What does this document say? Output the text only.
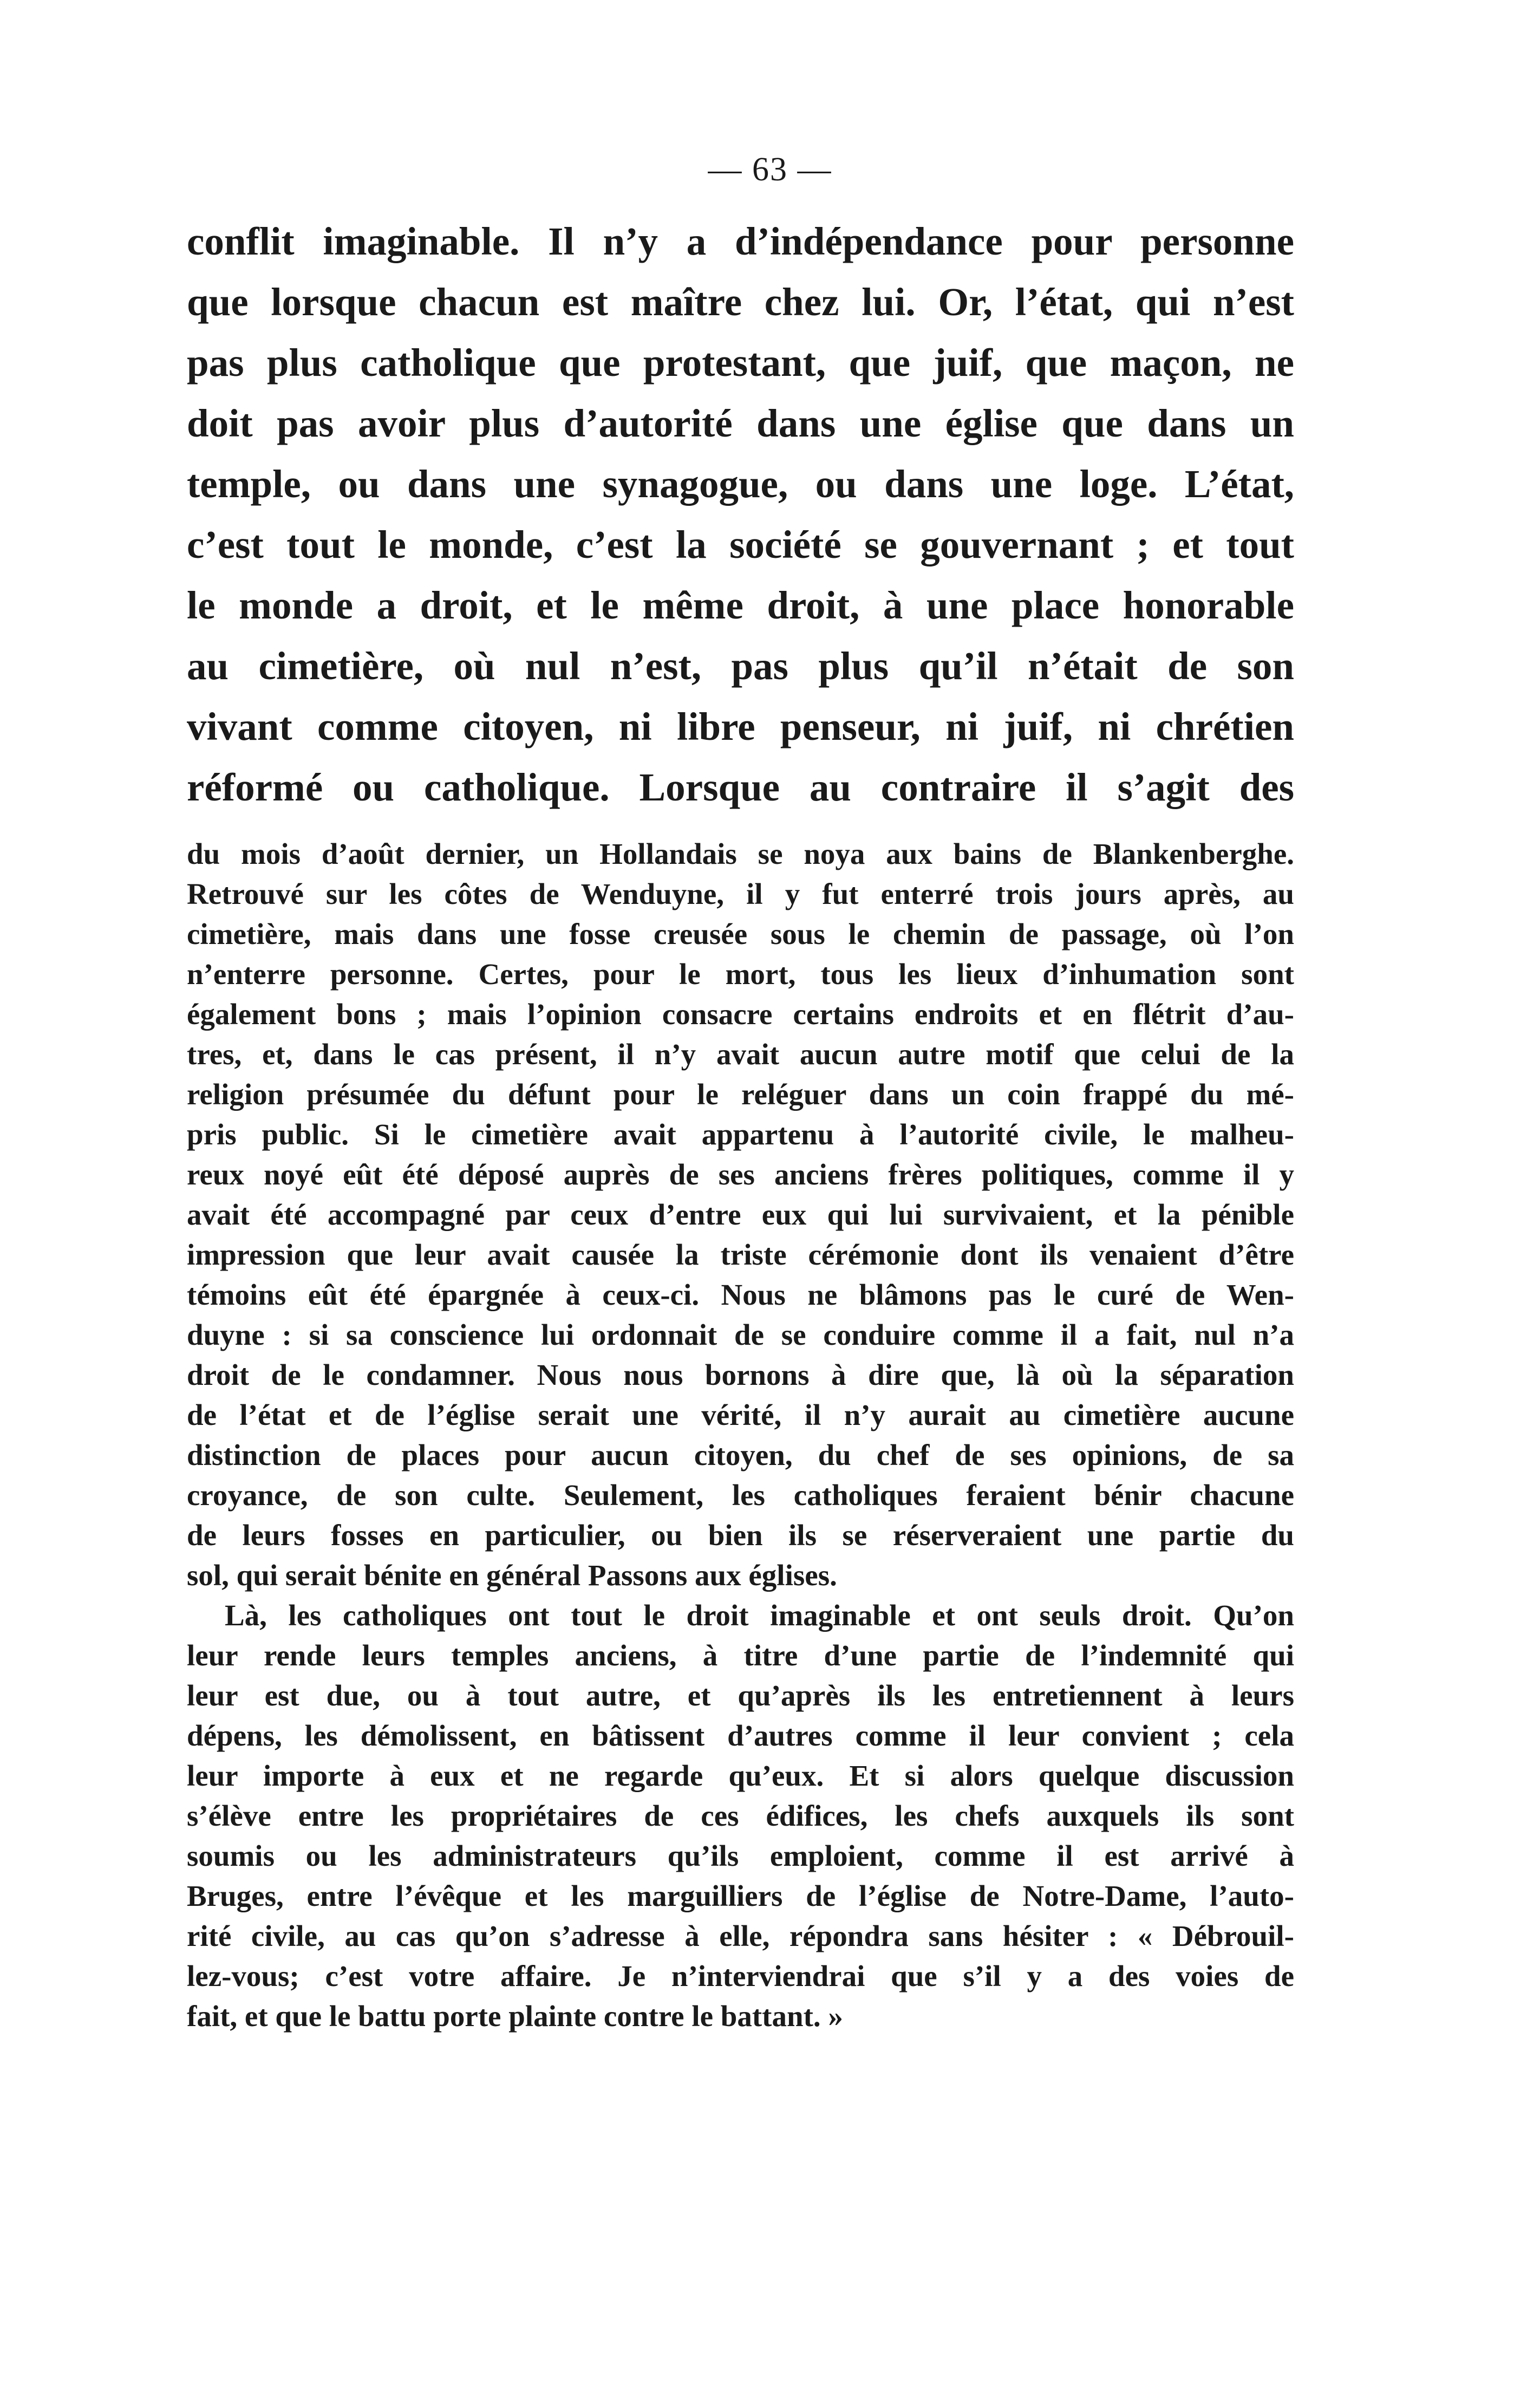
— 63 —
conflit imaginable. Il n’y a d’indépendance pour personne
que lorsque chacun est maître chez lui. Or, l’état, qui n’est
pas plus catholique que protestant, que juif, que maçon, ne
doit pas avoir plus d’autorité dans une église que dans un
temple, ou dans une synagogue, ou dans une loge. L’état,
c’est tout le monde, c’est la société se gouvernant ; et tout
le monde a droit, et le même droit, à une place honorable
au cimetière, où nul n’est, pas plus qu’il n’était de son
vivant comme citoyen, ni libre penseur, ni juif, ni chrétien
réformé ou catholique. Lorsque au contraire il s’agit des
du mois d’août dernier, un Hollandais se noya aux bains de Blankenberghe.
Retrouvé sur les côtes de Wenduyne, il y fut enterré trois jours après, au
cimetière, mais dans une fosse creusée sous le chemin de passage, où l’on
n’enterre personne. Certes, pour le mort, tous les lieux d’inhumation sont
également bons ; mais l’opinion consacre certains endroits et en flétrit d’au-
tres, et, dans le cas présent, il n’y avait aucun autre motif que celui de la
religion présumée du défunt pour le reléguer dans un coin frappé du mé-
pris public. Si le cimetière avait appartenu à l’autorité civile, le malheu-
reux noyé eût été déposé auprès de ses anciens frères politiques, comme il y
avait été accompagné par ceux d’entre eux qui lui survivaient, et la pénible
impression que leur avait causée la triste cérémonie dont ils venaient d’être
témoins eût été épargnée à ceux-ci. Nous ne blâmons pas le curé de Wen-
duyne : si sa conscience lui ordonnait de se conduire comme il a fait, nul n’a
droit de le condamner. Nous nous bornons à dire que, là où la séparation
de l’état et de l’église serait une vérité, il n’y aurait au cimetière aucune
distinction de places pour aucun citoyen, du chef de ses opinions, de sa
croyance, de son culte. Seulement, les catholiques feraient bénir chacune
de leurs fosses en particulier, ou bien ils se réserveraient une partie du
sol, qui serait bénite en général Passons aux églises.
Là, les catholiques ont tout le droit imaginable et ont seuls droit. Qu’on
leur rende leurs temples anciens, à titre d’une partie de l’indemnité qui
leur est due, ou à tout autre, et qu’après ils les entretiennent à leurs
dépens, les démolissent, en bâtissent d’autres comme il leur convient ; cela
leur importe à eux et ne regarde qu’eux. Et si alors quelque discussion
s’élève entre les propriétaires de ces édifices, les chefs auxquels ils sont
soumis ou les administrateurs qu’ils emploient, comme il est arrivé à
Bruges, entre l’évêque et les marguilliers de l’église de Notre-Dame, l’auto-
rité civile, au cas qu’on s’adresse à elle, répondra sans hésiter : « Débrouil-
lez-vous; c’est votre affaire. Je n’interviendrai que s’il y a des voies de
fait, et que le battu porte plainte contre le battant. »
